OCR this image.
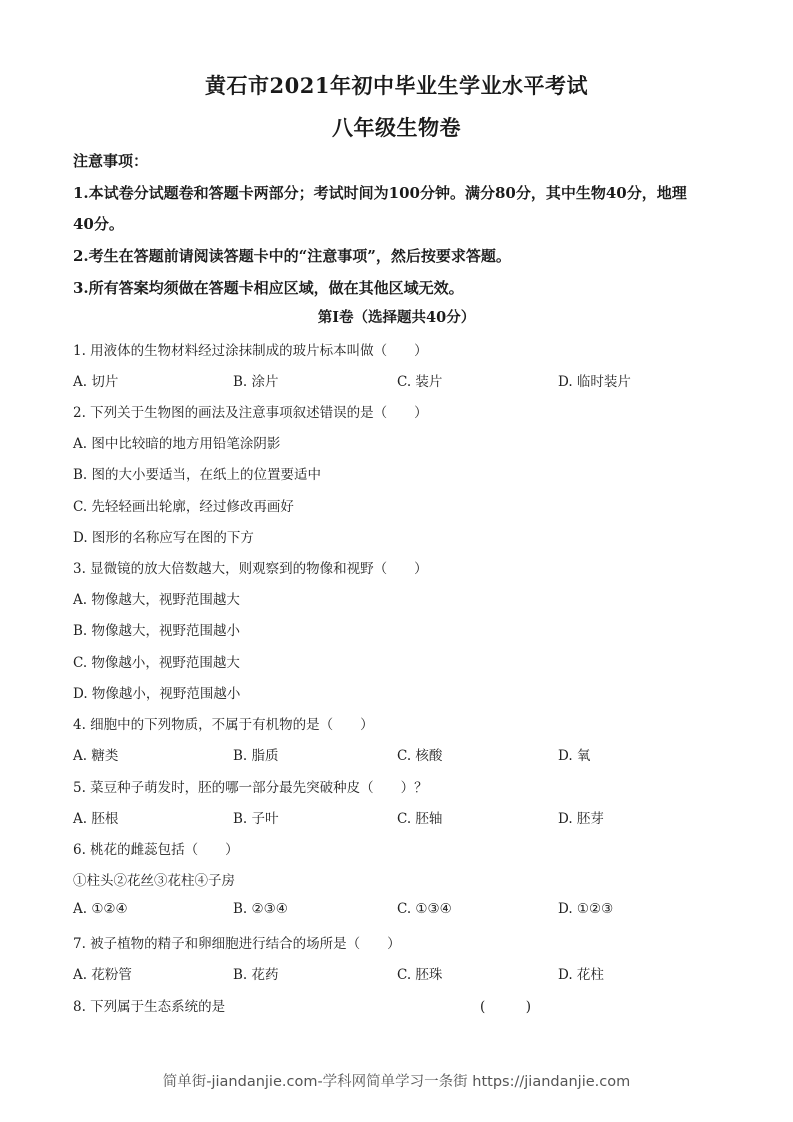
黄石市2021年初中毕业生学业水平考试
八年级生物卷
注意事项：
1.本试卷分试题卷和答题卡两部分；考试时间为100分钟。满分80分，其中生物40分，地理
40分。
2.考生在答题前请阅读答题卡中的“注意事项”，然后按要求答题。
3.所有答案均须做在答题卡相应区域，做在其他区域无效。
第Ⅰ卷（选择题共40分）
1. 用液体的生物材料经过涂抹制成的玻片标本叫做（　　）
A. 切片	B. 涂片	C. 装片	D. 临时装片
2. 下列关于生物图的画法及注意事项叙述错误的是（　　）
A. 图中比较暗的地方用铅笔涂阴影
B. 图的大小要适当，在纸上的位置要适中
C. 先轻轻画出轮廓，经过修改再画好
D. 图形的名称应写在图的下方
3. 显微镜的放大倍数越大，则观察到的物像和视野（　　）
A. 物像越大，视野范围越大
B. 物像越大，视野范围越小
C. 物像越小，视野范围越大
D. 物像越小，视野范围越小
4. 细胞中的下列物质，不属于有机物的是（　　）
A. 糖类	B. 脂质	C. 核酸	D. 氧
5. 菜豆种子萌发时，胚的哪一部分最先突破种皮（　　）？
A. 胚根	B. 子叶	C. 胚轴	D. 胚芽
6. 桃花的雌蕊包括（　　）
①柱头②花丝③花柱④子房
A. ①②④	B. ②③④	C. ①③④	D. ①②③
7. 被子植物的精子和卵细胞进行结合的场所是（　　）
A. 花粉管	B. 花药	C. 胚珠	D. 花柱
8. 下列属于生态系统的是	(　　　)
简单街-jiandanjie.com-学科网简单学习一条街 https://jiandanjie.com
